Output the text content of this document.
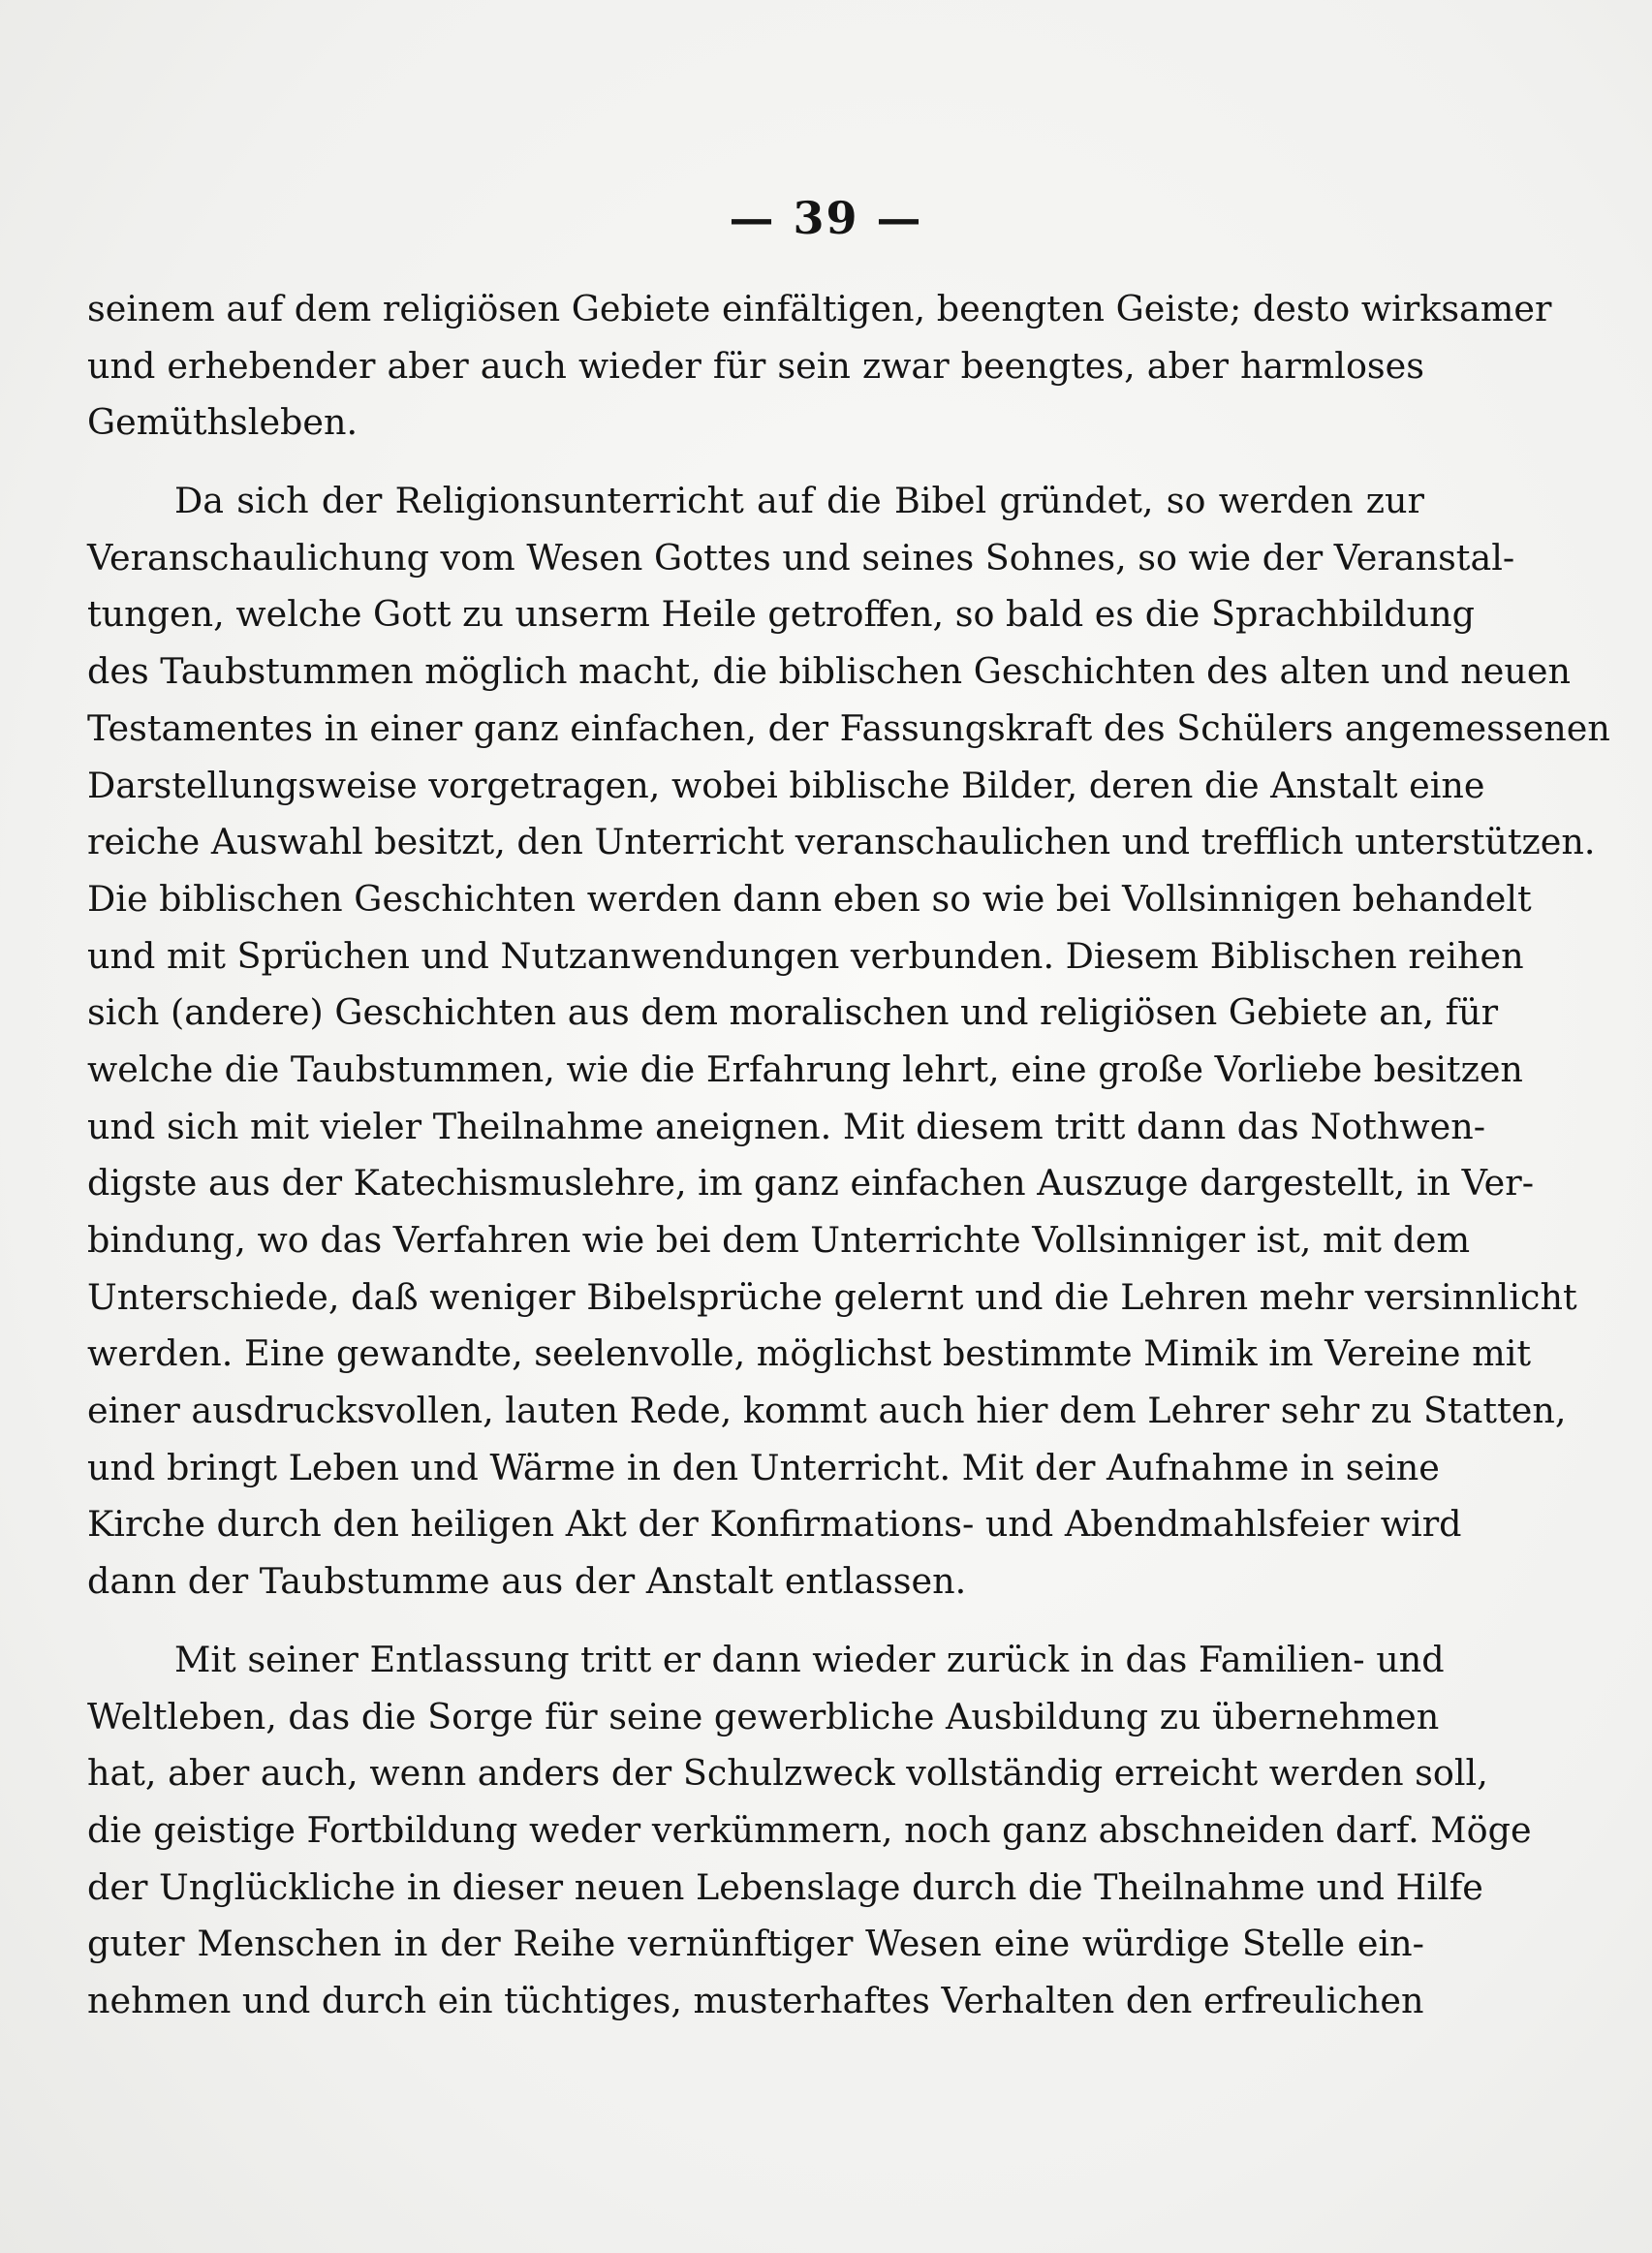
— 39 —
seinem auf dem religiösen Gebiete einfältigen, beengten Geiste; desto wirksamer
und erhebender aber auch wieder für sein zwar beengtes, aber harmloses
Gemüthsleben.
Da sich der Religionsunterricht auf die Bibel gründet, so werden zur
Veranschaulichung vom Wesen Gottes und seines Sohnes, so wie der Veranstal-
tungen, welche Gott zu unserm Heile getroffen, so bald es die Sprachbildung
des Taubstummen möglich macht, die biblischen Geschichten des alten und neuen
Testamentes in einer ganz einfachen, der Fassungskraft des Schülers angemessenen
Darstellungsweise vorgetragen, wobei biblische Bilder, deren die Anstalt eine
reiche Auswahl besitzt, den Unterricht veranschaulichen und trefflich unterstützen.
Die biblischen Geschichten werden dann eben so wie bei Vollsinnigen behandelt
und mit Sprüchen und Nutzanwendungen verbunden. Diesem Biblischen reihen
sich (andere) Geschichten aus dem moralischen und religiösen Gebiete an, für
welche die Taubstummen, wie die Erfahrung lehrt, eine große Vorliebe besitzen
und sich mit vieler Theilnahme aneignen. Mit diesem tritt dann das Nothwen-
digste aus der Katechismuslehre, im ganz einfachen Auszuge dargestellt, in Ver-
bindung, wo das Verfahren wie bei dem Unterrichte Vollsinniger ist, mit dem
Unterschiede, daß weniger Bibelsprüche gelernt und die Lehren mehr versinnlicht
werden. Eine gewandte, seelenvolle, möglichst bestimmte Mimik im Vereine mit
einer ausdrucksvollen, lauten Rede, kommt auch hier dem Lehrer sehr zu Statten,
und bringt Leben und Wärme in den Unterricht. Mit der Aufnahme in seine
Kirche durch den heiligen Akt der Konfirmations- und Abendmahlsfeier wird
dann der Taubstumme aus der Anstalt entlassen.
Mit seiner Entlassung tritt er dann wieder zurück in das Familien- und
Weltleben, das die Sorge für seine gewerbliche Ausbildung zu übernehmen
hat, aber auch, wenn anders der Schulzweck vollständig erreicht werden soll,
die geistige Fortbildung weder verkümmern, noch ganz abschneiden darf. Möge
der Unglückliche in dieser neuen Lebenslage durch die Theilnahme und Hilfe
guter Menschen in der Reihe vernünftiger Wesen eine würdige Stelle ein-
nehmen und durch ein tüchtiges, musterhaftes Verhalten den erfreulichen
